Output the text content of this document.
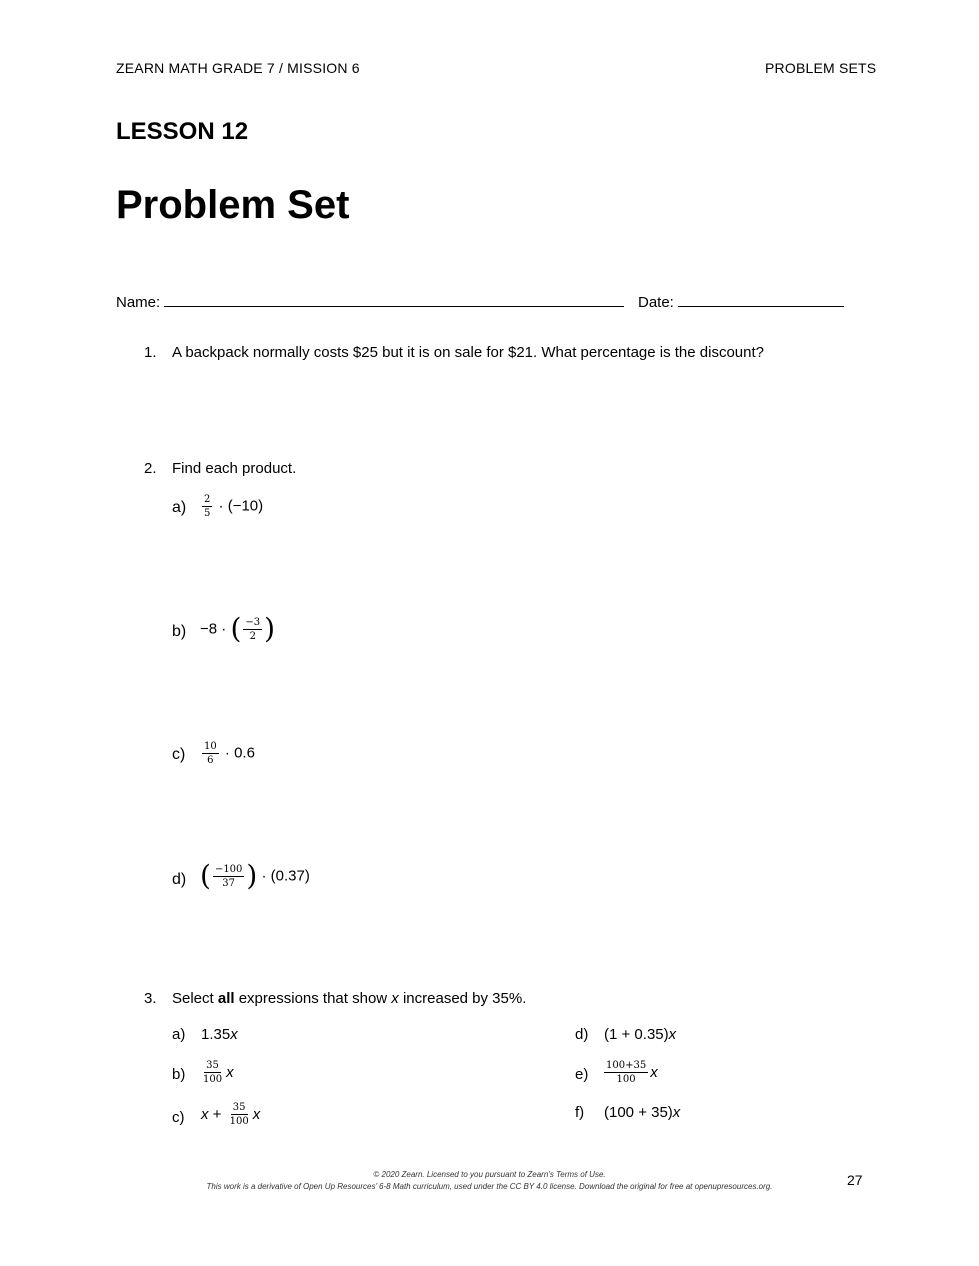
ZEARN MATH GRADE 7 / MISSION 6	PROBLEM SETS
LESSON 12
Problem Set
Name:	Date:
1. A backpack normally costs $25 but it is on sale for $21. What percentage is the discount?
2. Find each product.
$a) \frac{2}{5} \cdot (-10)$
b) −8 · ( $\frac{-3}{2}$ )
$c) \frac{10}{6} \cdot 0.6$
d) ( $\frac{-100}{37}$ ) · (0.37)
3. Select all expressions that show x increased by 35%.
a) 1.35x
$b) \frac{35}{100}$ x
c) $x + \frac{35}{100}$ x
d) (1 + 0.35)x
$e) \frac{100+35}{100}$ x
f) (100 + 35)x
© 2020 Zearn. Licensed to you pursuant to Zearn’s Terms of Use.
This work is a derivative of Open Up Resources’ 6-8 Math curriculum, used under the CC BY 4.0 license. Download the original for free at openupresources.org.	27
